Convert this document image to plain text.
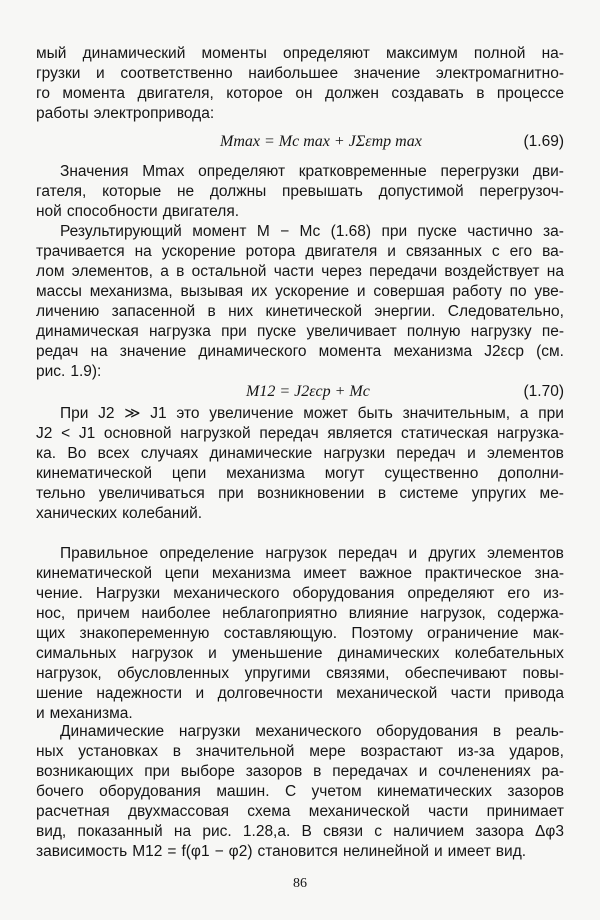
мый динамический моменты определяют максимум полной на-
грузки и соответственно наибольшее значение электромагнитно-
го момента двигателя, которое он должен создавать в процессе
работы электропривода:
Значения Mmax определяют кратковременные перегрузки дви-
гателя, которые не должны превышать допустимой перегрузоч-
ной способности двигателя.
Результирующий момент M − Mc (1.68) при пуске частично за-
трачивается на ускорение ротора двигателя и связанных с его ва-
лом элементов, а в остальной части через передачи воздействует на
массы механизма, вызывая их ускорение и совершая работу по уве-
личению запасенной в них кинетической энергии. Следовательно,
динамическая нагрузка при пуске увеличивает полную нагрузку пе-
редач на значение динамического момента механизма J2εср (см.
рис. 1.9):
При J2 ≫ J1 это увеличение может быть значительным, а при
J2 < J1 основной нагрузкой передач является статическая нагрузка-
ка. Во всех случаях динамические нагрузки передач и элементов
кинематической цепи механизма могут существенно дополни-
тельно увеличиваться при возникновении в системе упругих ме-
ханических колебаний.
Правильное определение нагрузок передач и других элементов
кинематической цепи механизма имеет важное практическое зна-
чение. Нагрузки механического оборудования определяют его из-
нос, причем наиболее неблагоприятно влияние нагрузок, содержа-
щих знакопеременную составляющую. Поэтому ограничение мак-
симальных нагрузок и уменьшение динамических колебательных
нагрузок, обусловленных упругими связями, обеспечивают повы-
шение надежности и долговечности механической части привода
и механизма.
Динамические нагрузки механического оборудования в реаль-
ных установках в значительной мере возрастают из-за ударов,
возникающих при выборе зазоров в передачах и сочленениях ра-
бочего оборудования машин. С учетом кинематических зазоров
расчетная двухмассовая схема механической части принимает
вид, показанный на рис. 1.28,a. В связи с наличием зазора Δφ3
зависимость M12 = f(φ1 − φ2) становится нелинейной и имеет вид.
Mmax = Mc max + JΣεтр max	(1.69)
M12 = J2εср + Mc	(1.70)
86
